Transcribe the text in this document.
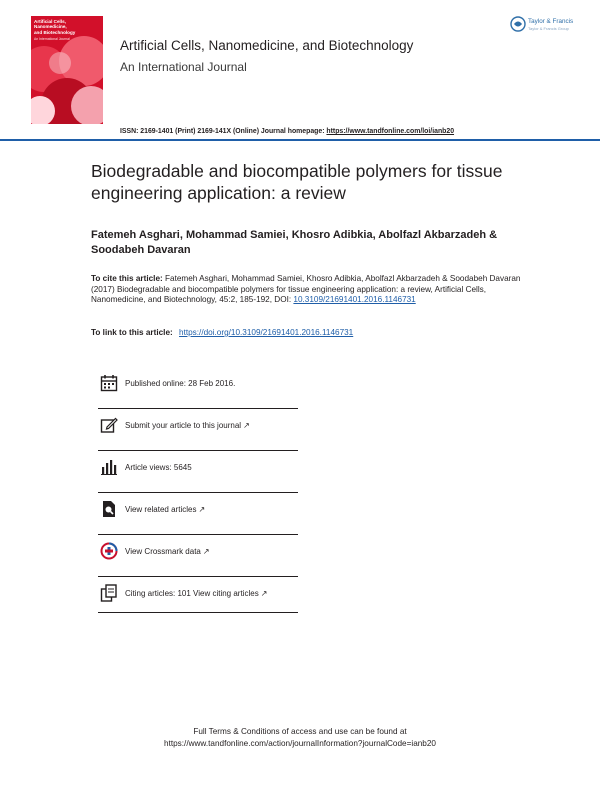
Artificial Cells,
Nanomedicine,
and Biotechnology
An International Journal	Artificial Cells, Nanomedicine, and Biotechnology
An International Journal
Taylor & Francis
Taylor & Francis Group
ISSN: 2169-1401 (Print) 2169-141X (Online) Journal homepage: https://www.tandfonline.com/loi/ianb20
Biodegradable and biocompatible polymers for tissue engineering application: a review
Fatemeh Asghari, Mohammad Samiei, Khosro Adibkia, Abolfazl Akbarzadeh & Soodabeh Davaran
To cite this article: Fatemeh Asghari, Mohammad Samiei, Khosro Adibkia, Abolfazl Akbarzadeh & Soodabeh Davaran (2017) Biodegradable and biocompatible polymers for tissue engineering application: a review, Artificial Cells, Nanomedicine, and Biotechnology, 45:2, 185-192, DOI: 10.3109/21691401.2016.1146731
To link to this article: https://doi.org/10.3109/21691401.2016.1146731
Published online: 28 Feb 2016.
Submit your article to this journal ↗
Article views: 5645
View related articles ↗
View Crossmark data ↗
Citing articles: 101 View citing articles ↗
Full Terms & Conditions of access and use can be found at
https://www.tandfonline.com/action/journalInformation?journalCode=ianb20
